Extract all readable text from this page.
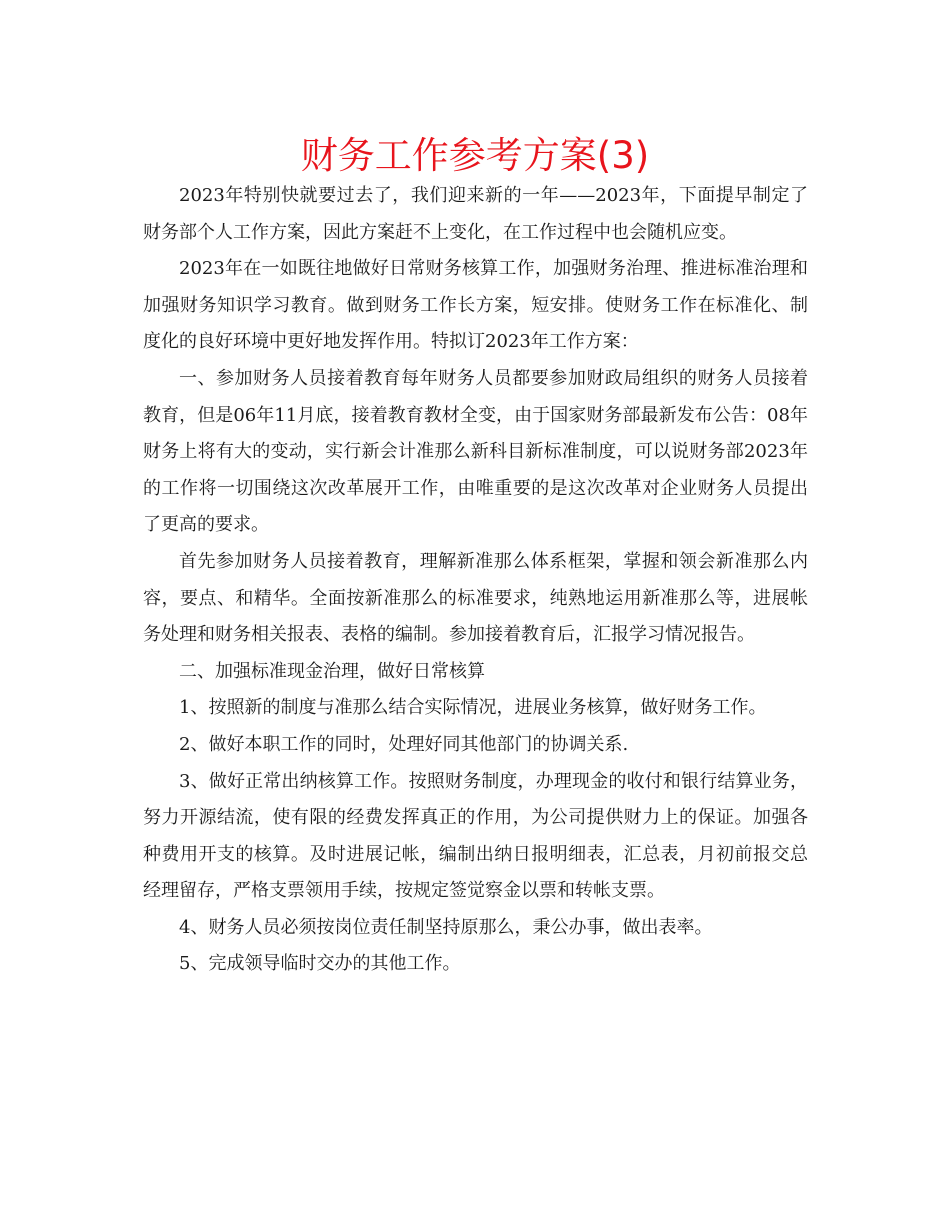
财务工作参考方案(3)

2023年特别快就要过去了，我们迎来新的一年——2023年，下面提早制定了财务部个人工作方案，因此方案赶不上变化，在工作过程中也会随机应变。

2023年在一如既往地做好日常财务核算工作，加强财务治理、推进标准治理和加强财务知识学习教育。做到财务工作长方案，短安排。使财务工作在标准化、制度化的良好环境中更好地发挥作用。特拟订2023年工作方案：

一、参加财务人员接着教育每年财务人员都要参加财政局组织的财务人员接着教育，但是06年11月底，接着教育教材全变，由于国家财务部最新发布公告：08年财务上将有大的变动，实行新会计准那么新科目新标准制度，可以说财务部2023年的工作将一切围绕这次改革展开工作，由唯重要的是这次改革对企业财务人员提出了更高的要求。

首先参加财务人员接着教育，理解新准那么体系框架，掌握和领会新准那么内容，要点、和精华。全面按新准那么的标准要求，纯熟地运用新准那么等，进展帐务处理和财务相关报表、表格的编制。参加接着教育后，汇报学习情况报告。

二、加强标准现金治理，做好日常核算

1、按照新的制度与准那么结合实际情况，进展业务核算，做好财务工作。

2、做好本职工作的同时，处理好同其他部门的协调关系.

3、做好正常出纳核算工作。按照财务制度，办理现金的收付和银行结算业务，努力开源结流，使有限的经费发挥真正的作用，为公司提供财力上的保证。加强各种费用开支的核算。及时进展记帐，编制出纳日报明细表，汇总表，月初前报交总经理留存，严格支票领用手续，按规定签觉察金以票和转帐支票。

4、财务人员必须按岗位责任制坚持原那么，秉公办事，做出表率。

5、完成领导临时交办的其他工作。
